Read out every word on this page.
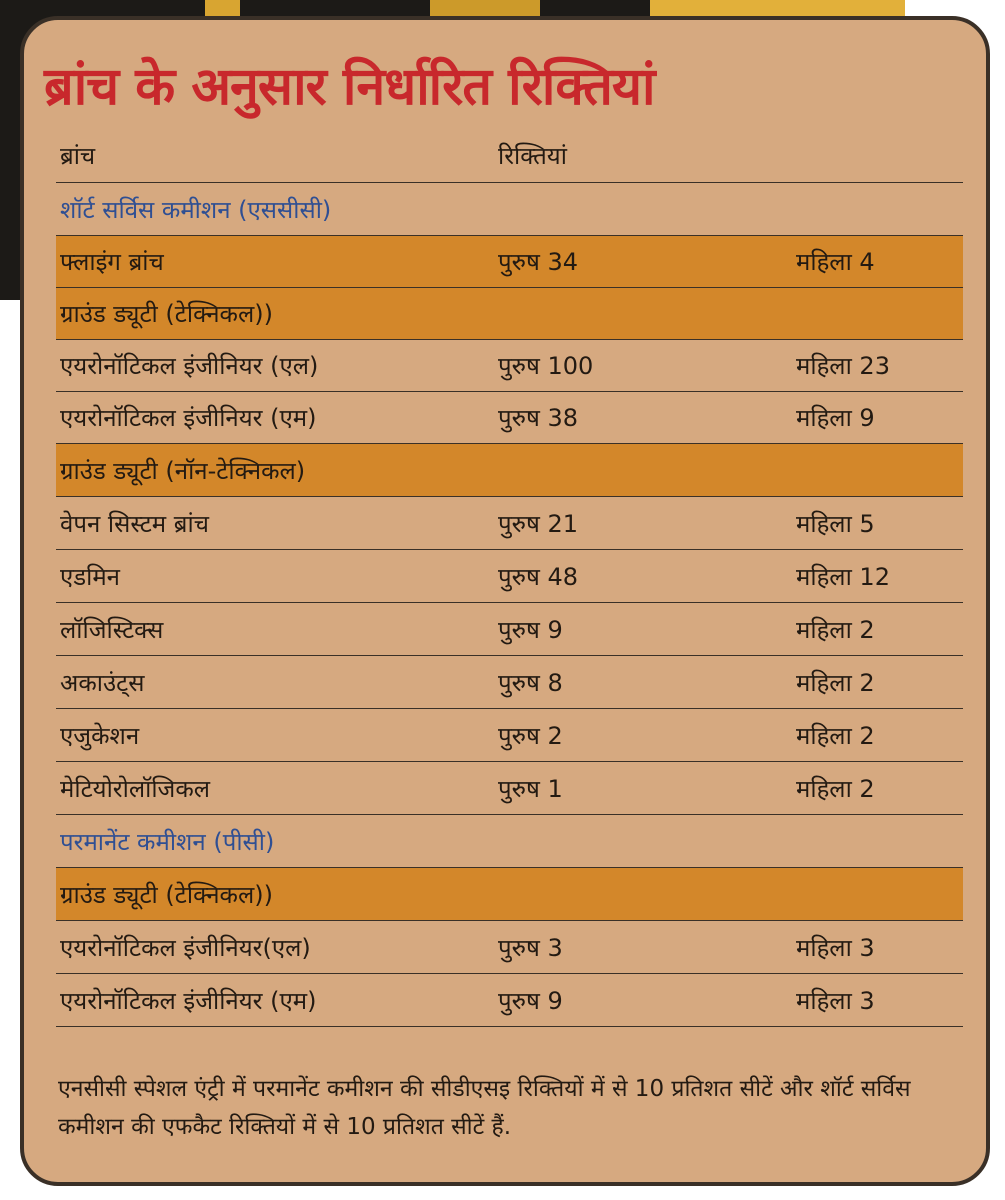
ब्रांच के अनुसार निर्धारित रिक्तियां
ब्रांच	रिक्तियां
शॉर्ट सर्विस कमीशन (एससीसी)
फ्लाइंग ब्रांच	पुरुष 34	महिला 4
ग्राउंड ड्यूटी (टेक्निकल))
एयरोनॉटिकल इंजीनियर (एल)	पुरुष 100	महिला 23
एयरोनॉटिकल इंजीनियर (एम)	पुरुष 38	महिला 9
ग्राउंड ड्यूटी (नॉन-टेक्निकल)
वेपन सिस्टम ब्रांच	पुरुष 21	महिला 5
एडमिन	पुरुष 48	महिला 12
लॉजिस्टिक्स	पुरुष 9	महिला 2
अकाउंट्स	पुरुष 8	महिला 2
एजुकेशन	पुरुष 2	महिला 2
मेटियोरोलॉजिकल	पुरुष 1	महिला 2
परमानेंट कमीशन (पीसी)
ग्राउंड ड्यूटी (टेक्निकल))
एयरोनॉटिकल इंजीनियर(एल)	पुरुष 3	महिला 3
एयरोनॉटिकल इंजीनियर (एम)	पुरुष 9	महिला 3

एनसीसी स्पेशल एंट्री में परमानेंट कमीशन की सीडीएसइ रिक्तियों में से 10 प्रतिशत सीटें और शॉर्ट सर्विस कमीशन की एफकैट रिक्तियों में से 10 प्रतिशत सीटें हैं.
